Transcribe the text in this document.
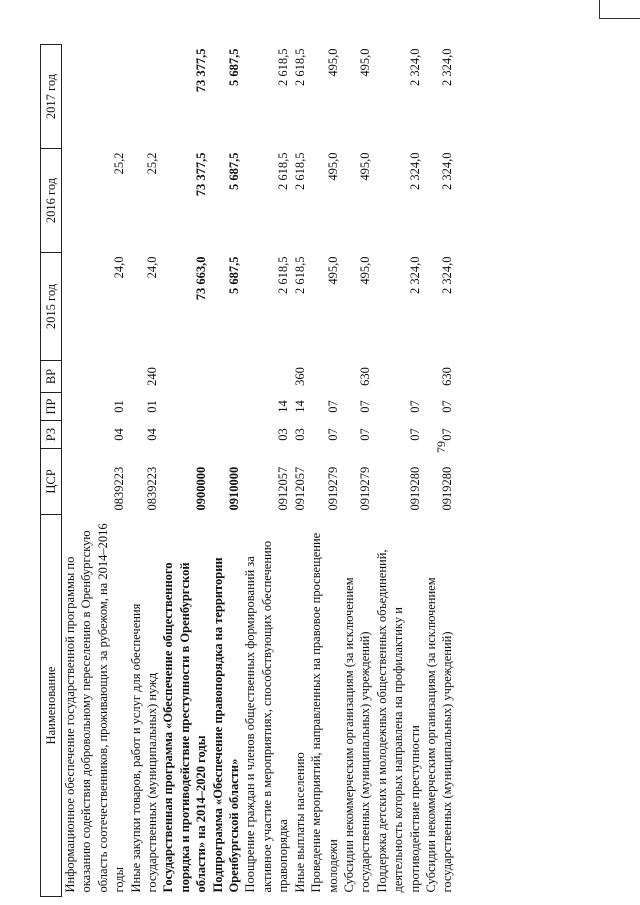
79
Наименование	ЦСР	РЗ	ПР	ВР	2015 год	2016 год	2017 год
Информационное обеспечение государственной программы по оказанию содействия добровольному переселению в Оренбургскую область соотечественников, проживающих за рубежом, на 2014–2016 годы	0839223	04	01		24,0	25,2	
Иные закупки товаров, работ и услуг для обеспечения государственных (муниципальных) нужд	0839223	04	01	240	24,0	25,2	
Государственная программа «Обеспечение общественного порядка и противодействие преступности в Оренбургской области» на 2014–2020 годы	0900000				73 663,0	73 377,5	73 377,5
Подпрограмма «Обеспечение правопорядка на территории Оренбургской области»	0910000				5 687,5	5 687,5	5 687,5
Поощрение граждан и членов общественных формирований за активное участие в мероприятиях, способствующих обеспечению правопорядка	0912057	03	14		2 618,5	2 618,5	2 618,5
Иные выплаты населению	0912057	03	14	360	2 618,5	2 618,5	2 618,5
Проведение мероприятий, направленных на правовое просвещение молодежи	0919279	07	07		495,0	495,0	495,0
Субсидии некоммерческим организациям (за исключением государственных (муниципальных) учреждений)	0919279	07	07	630	495,0	495,0	495,0
Поддержка детских и молодежных общественных объединений, деятельность которых направлена на профилактику и противодействие преступности	0919280	07	07		2 324,0	2 324,0	2 324,0
Субсидии некоммерческим организациям (за исключением государственных (муниципальных) учреждений)	0919280	07	07	630	2 324,0	2 324,0	2 324,0
